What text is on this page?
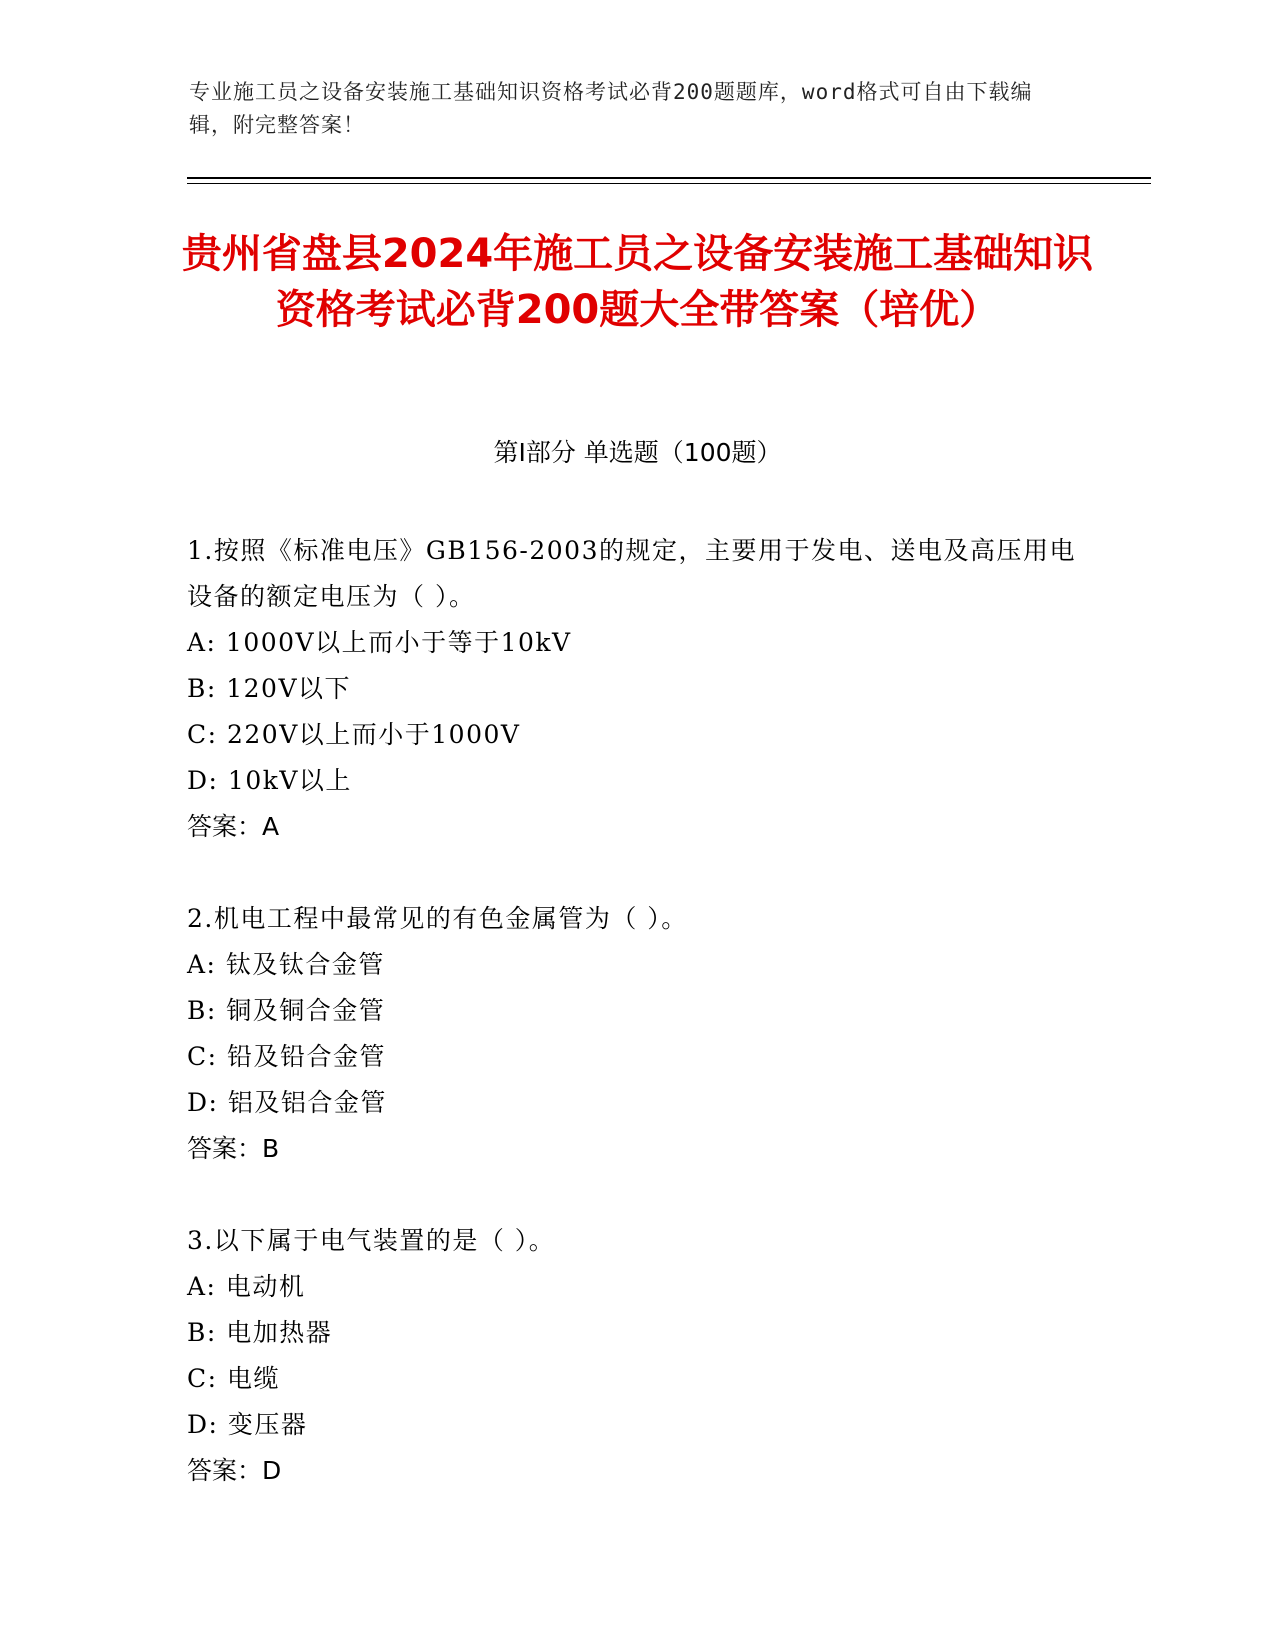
专业施工员之设备安装施工基础知识资格考试必背200题题库，word格式可自由下载编辑，附完整答案！
贵州省盘县2024年施工员之设备安装施工基础知识资格考试必背200题大全带答案（培优）
第I部分 单选题（100题）
1.按照《标准电压》GB156-2003的规定，主要用于发电、送电及高压用电设备的额定电压为（ ）。
A: 1000V以上而小于等于10kV
B: 120V以下
C: 220V以上而小于1000V
D: 10kV以上
答案：A
2.机电工程中最常见的有色金属管为（ ）。
A: 钛及钛合金管
B: 铜及铜合金管
C: 铅及铅合金管
D: 铝及铝合金管
答案：B
3.以下属于电气装置的是（ ）。
A: 电动机
B: 电加热器
C: 电缆
D: 变压器
答案：D
